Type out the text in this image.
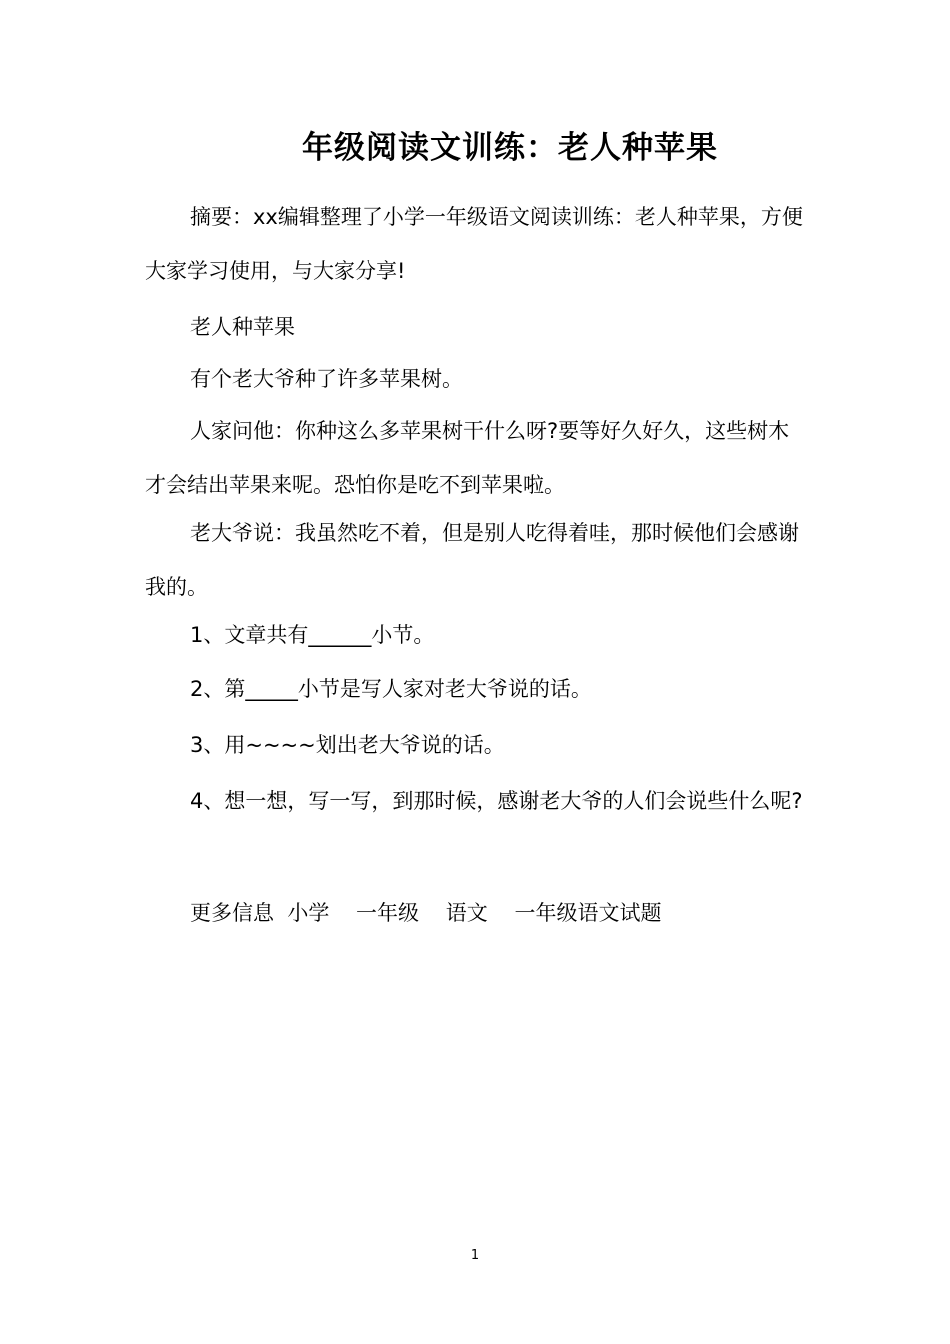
年级阅读文训练：老人种苹果

摘要：xx编辑整理了小学一年级语文阅读训练：老人种苹果，方便大家学习使用，与大家分享!

老人种苹果

有个老大爷种了许多苹果树。

人家问他：你种这么多苹果树干什么呀?要等好久好久，这些树木才会结出苹果来呢。恐怕你是吃不到苹果啦。

老大爷说：我虽然吃不着，但是别人吃得着哇，那时候他们会感谢我的。

1、文章共有______小节。

2、第_____小节是写人家对老大爷说的话。

3、用~~~~划出老大爷说的话。

4、想一想，写一写，到那时候，感谢老大爷的人们会说些什么呢?

更多信息  小学    一年级    语文    一年级语文试题

1
